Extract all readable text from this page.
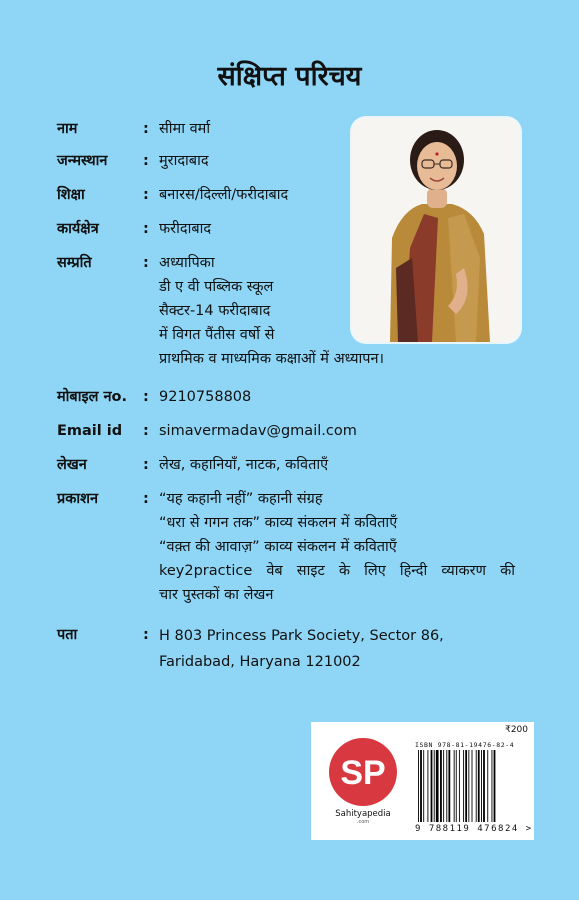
संक्षिप्त परिचय
नाम	: सीमा वर्मा
जन्मस्थान	: मुरादाबाद
शिक्षा	: बनारस/दिल्ली/फरीदाबाद
कार्यक्षेत्र	: फरीदाबाद
सम्प्रति	: अध्यापिका
डी ए वी पब्लिक स्कूल
सैक्टर-14 फरीदाबाद
में विगत पैंतीस वर्षो से
प्राथमिक व माध्यमिक कक्षाओं में अध्यापन।
मोबाइल नo.	: 9210758808
Email id	: simavermadav@gmail.com
लेखन	: लेख, कहानियाँ, नाटक, कविताएँ
प्रकाशन	: “यह कहानी नहीं” कहानी संग्रह
“धरा से गगन तक” काव्य संकलन में कविताएँ
“वक़्त की आवाज़” काव्य संकलन में कविताएँ
key2practice वेब साइट के लिए हिन्दी व्याकरण की
चार पुस्तकों का लेखन
पता	: H 803 Princess Park Society, Sector 86,
Faridabad, Haryana 121002
₹200
SP
Sahityapedia
.com
ISBN 978-81-19476-82-4
9 788119 476824 >
